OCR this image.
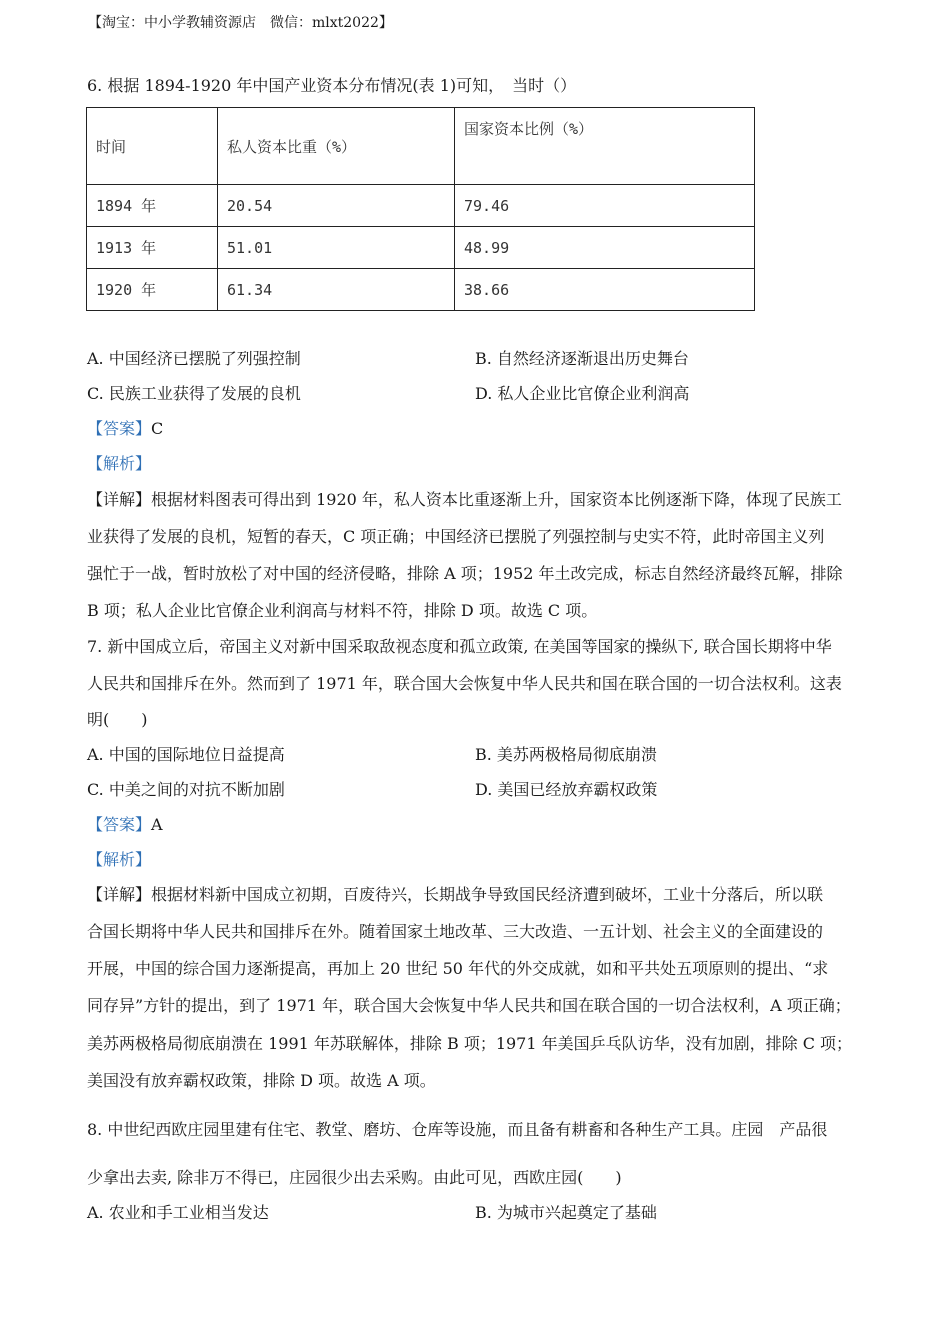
【淘宝：中小学教辅资源店　微信：mlxt2022】
6. 根据 1894-1920 年中国产业资本分布情况(表 1)可知，　当时（）
时间	私人资本比重（%）	国家资本比例（%）
1894 年	20.54	79.46
1913 年	51.01	48.99
1920 年	61.34	38.66
A. 中国经济已摆脱了列强控制	B. 自然经济逐渐退出历史舞台
C. 民族工业获得了发展的良机	D. 私人企业比官僚企业利润高
【答案】C
【解析】
【详解】根据材料图表可得出到 1920 年，私人资本比重逐渐上升，国家资本比例逐渐下降，体现了民族工
业获得了发展的良机，短暂的春天，C 项正确；中国经济已摆脱了列强控制与史实不符，此时帝国主义列
强忙于一战，暂时放松了对中国的经济侵略，排除 A 项；1952 年土改完成，标志自然经济最终瓦解，排除
B 项；私人企业比官僚企业利润高与材料不符，排除 D 项。故选 C 项。
7. 新中国成立后，帝国主义对新中国采取敌视态度和孤立政策, 在美国等国家的操纵下, 联合国长期将中华
人民共和国排斥在外。然而到了 1971 年，联合国大会恢复中华人民共和国在联合国的一切合法权利。这表
明(　　)
A. 中国的国际地位日益提高	B. 美苏两极格局彻底崩溃
C. 中美之间的对抗不断加剧	D. 美国已经放弃霸权政策
【答案】A
【解析】
【详解】根据材料新中国成立初期，百废待兴，长期战争导致国民经济遭到破坏，工业十分落后，所以联
合国长期将中华人民共和国排斥在外。随着国家土地改革、三大改造、一五计划、社会主义的全面建设的
开展，中国的综合国力逐渐提高，再加上 20 世纪 50 年代的外交成就，如和平共处五项原则的提出、“求
同存异”方针的提出，到了 1971 年，联合国大会恢复中华人民共和国在联合国的一切合法权利，A 项正确；
美苏两极格局彻底崩溃在 1991 年苏联解体，排除 B 项；1971 年美国乒乓队访华，没有加剧，排除 C 项；
美国没有放弃霸权政策，排除 D 项。故选 A 项。
8. 中世纪西欧庄园里建有住宅、教堂、磨坊、仓库等设施，而且备有耕畜和各种生产工具。庄园　产品很
少拿出去卖, 除非万不得已，庄园很少出去采购。由此可见，西欧庄园(　　)
A. 农业和手工业相当发达	B. 为城市兴起奠定了基础
